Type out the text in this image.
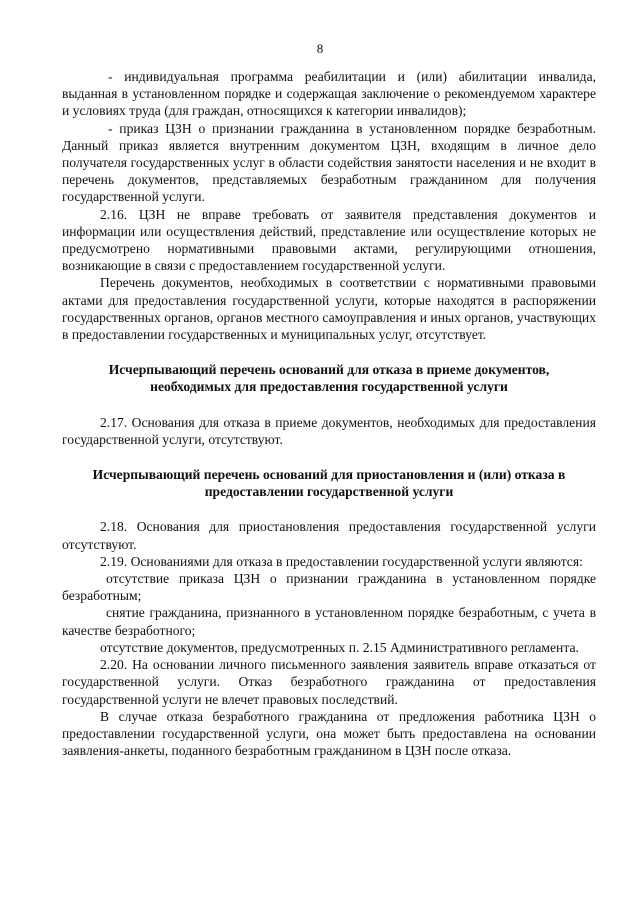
8

- индивидуальная программа реабилитации и (или) абилитации инвалида, выданная в установленном порядке и содержащая заключение о рекомендуемом характере и условиях труда (для граждан, относящихся к категории инвалидов);

- приказ ЦЗН о признании гражданина в установленном порядке безработным. Данный приказ является внутренним документом ЦЗН, входящим в личное дело получателя государственных услуг в области содействия занятости населения и не входит в перечень документов, представляемых безработным гражданином для получения государственной услуги.

2.16. ЦЗН не вправе требовать от заявителя представления документов и информации или осуществления действий, представление или осуществление которых не предусмотрено нормативными правовыми актами, регулирующими отношения, возникающие в связи с предоставлением государственной услуги.

Перечень документов, необходимых в соответствии с нормативными правовыми актами для предоставления государственной услуги, которые находятся в распоряжении государственных органов, органов местного самоуправления и иных органов, участвующих в предоставлении государственных и муниципальных услуг, отсутствует.

Исчерпывающий перечень оснований для отказа в приеме документов, необходимых для предоставления государственной услуги

2.17. Основания для отказа в приеме документов, необходимых для предоставления государственной услуги, отсутствуют.

Исчерпывающий перечень оснований для приостановления и (или) отказа в предоставлении государственной услуги

2.18. Основания для приостановления предоставления государственной услуги отсутствуют.

2.19. Основаниями для отказа в предоставлении государственной услуги являются:

отсутствие приказа ЦЗН о признании гражданина в установленном порядке безработным;

снятие гражданина, признанного в установленном порядке безработным, с учета в качестве безработного;

отсутствие документов, предусмотренных п. 2.15 Административного регламента.

2.20. На основании личного письменного заявления заявитель вправе отказаться от государственной услуги. Отказ безработного гражданина от предоставления государственной услуги не влечет правовых последствий.

В случае отказа безработного гражданина от предложения работника ЦЗН о предоставлении государственной услуги, она может быть предоставлена на основании заявления-анкеты, поданного безработным гражданином в ЦЗН после отказа.
